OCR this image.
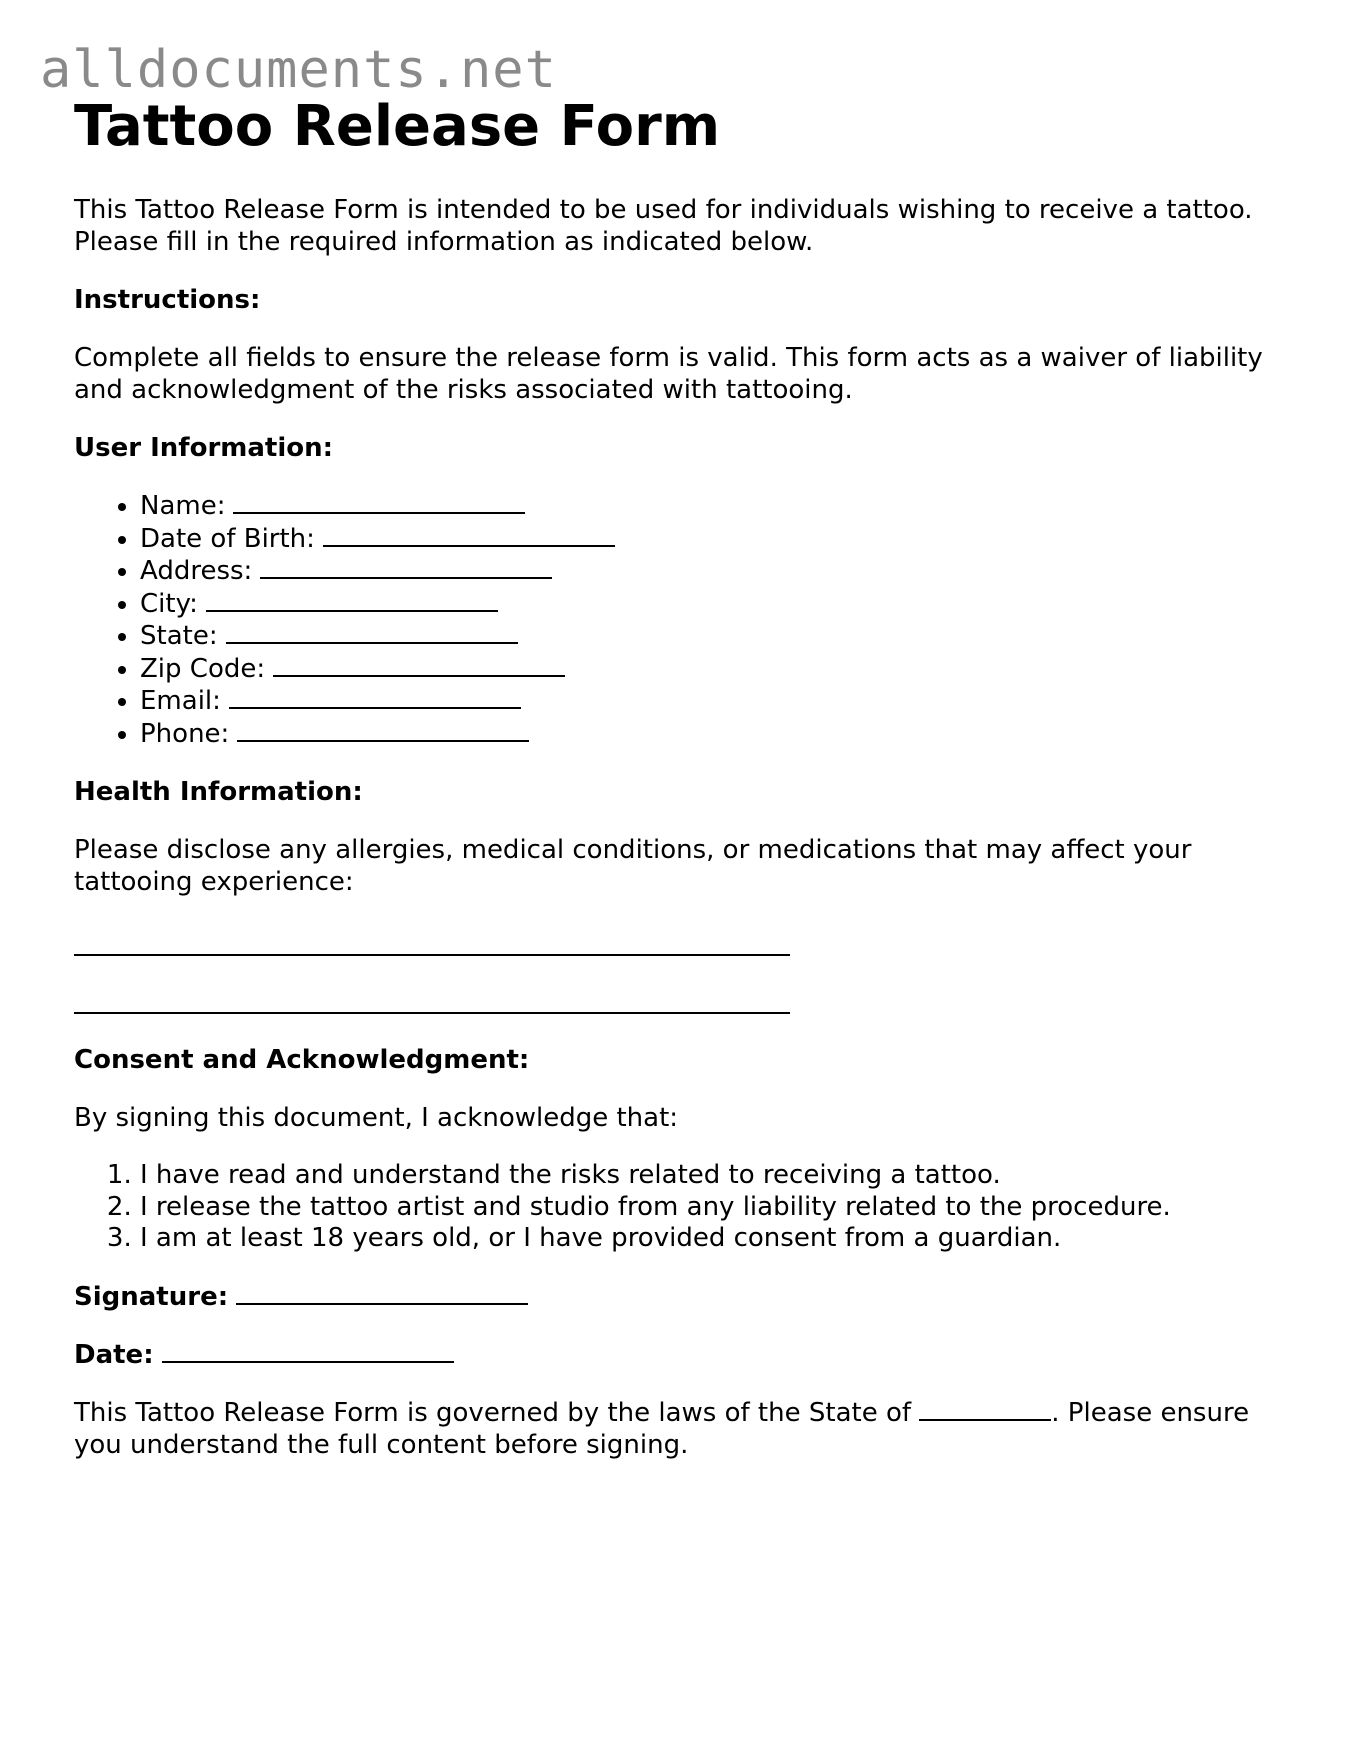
alldocuments.net
Tattoo Release Form

This Tattoo Release Form is intended to be used for individuals wishing to receive a tattoo. Please fill in the required information as indicated below.

Instructions:

Complete all fields to ensure the release form is valid. This form acts as a waiver of liability and acknowledgment of the risks associated with tattooing.

User Information:

• Name:
• Date of Birth:
• Address:
• City:
• State:
• Zip Code:
• Email:
• Phone:

Health Information:

Please disclose any allergies, medical conditions, or medications that may affect your tattooing experience:

Consent and Acknowledgment:

By signing this document, I acknowledge that:

1. I have read and understand the risks related to receiving a tattoo.
2. I release the tattoo artist and studio from any liability related to the procedure.
3. I am at least 18 years old, or I have provided consent from a guardian.
Signature:
Date:

This Tattoo Release Form is governed by the laws of the State of	. Please ensure you understand the full content before signing.
